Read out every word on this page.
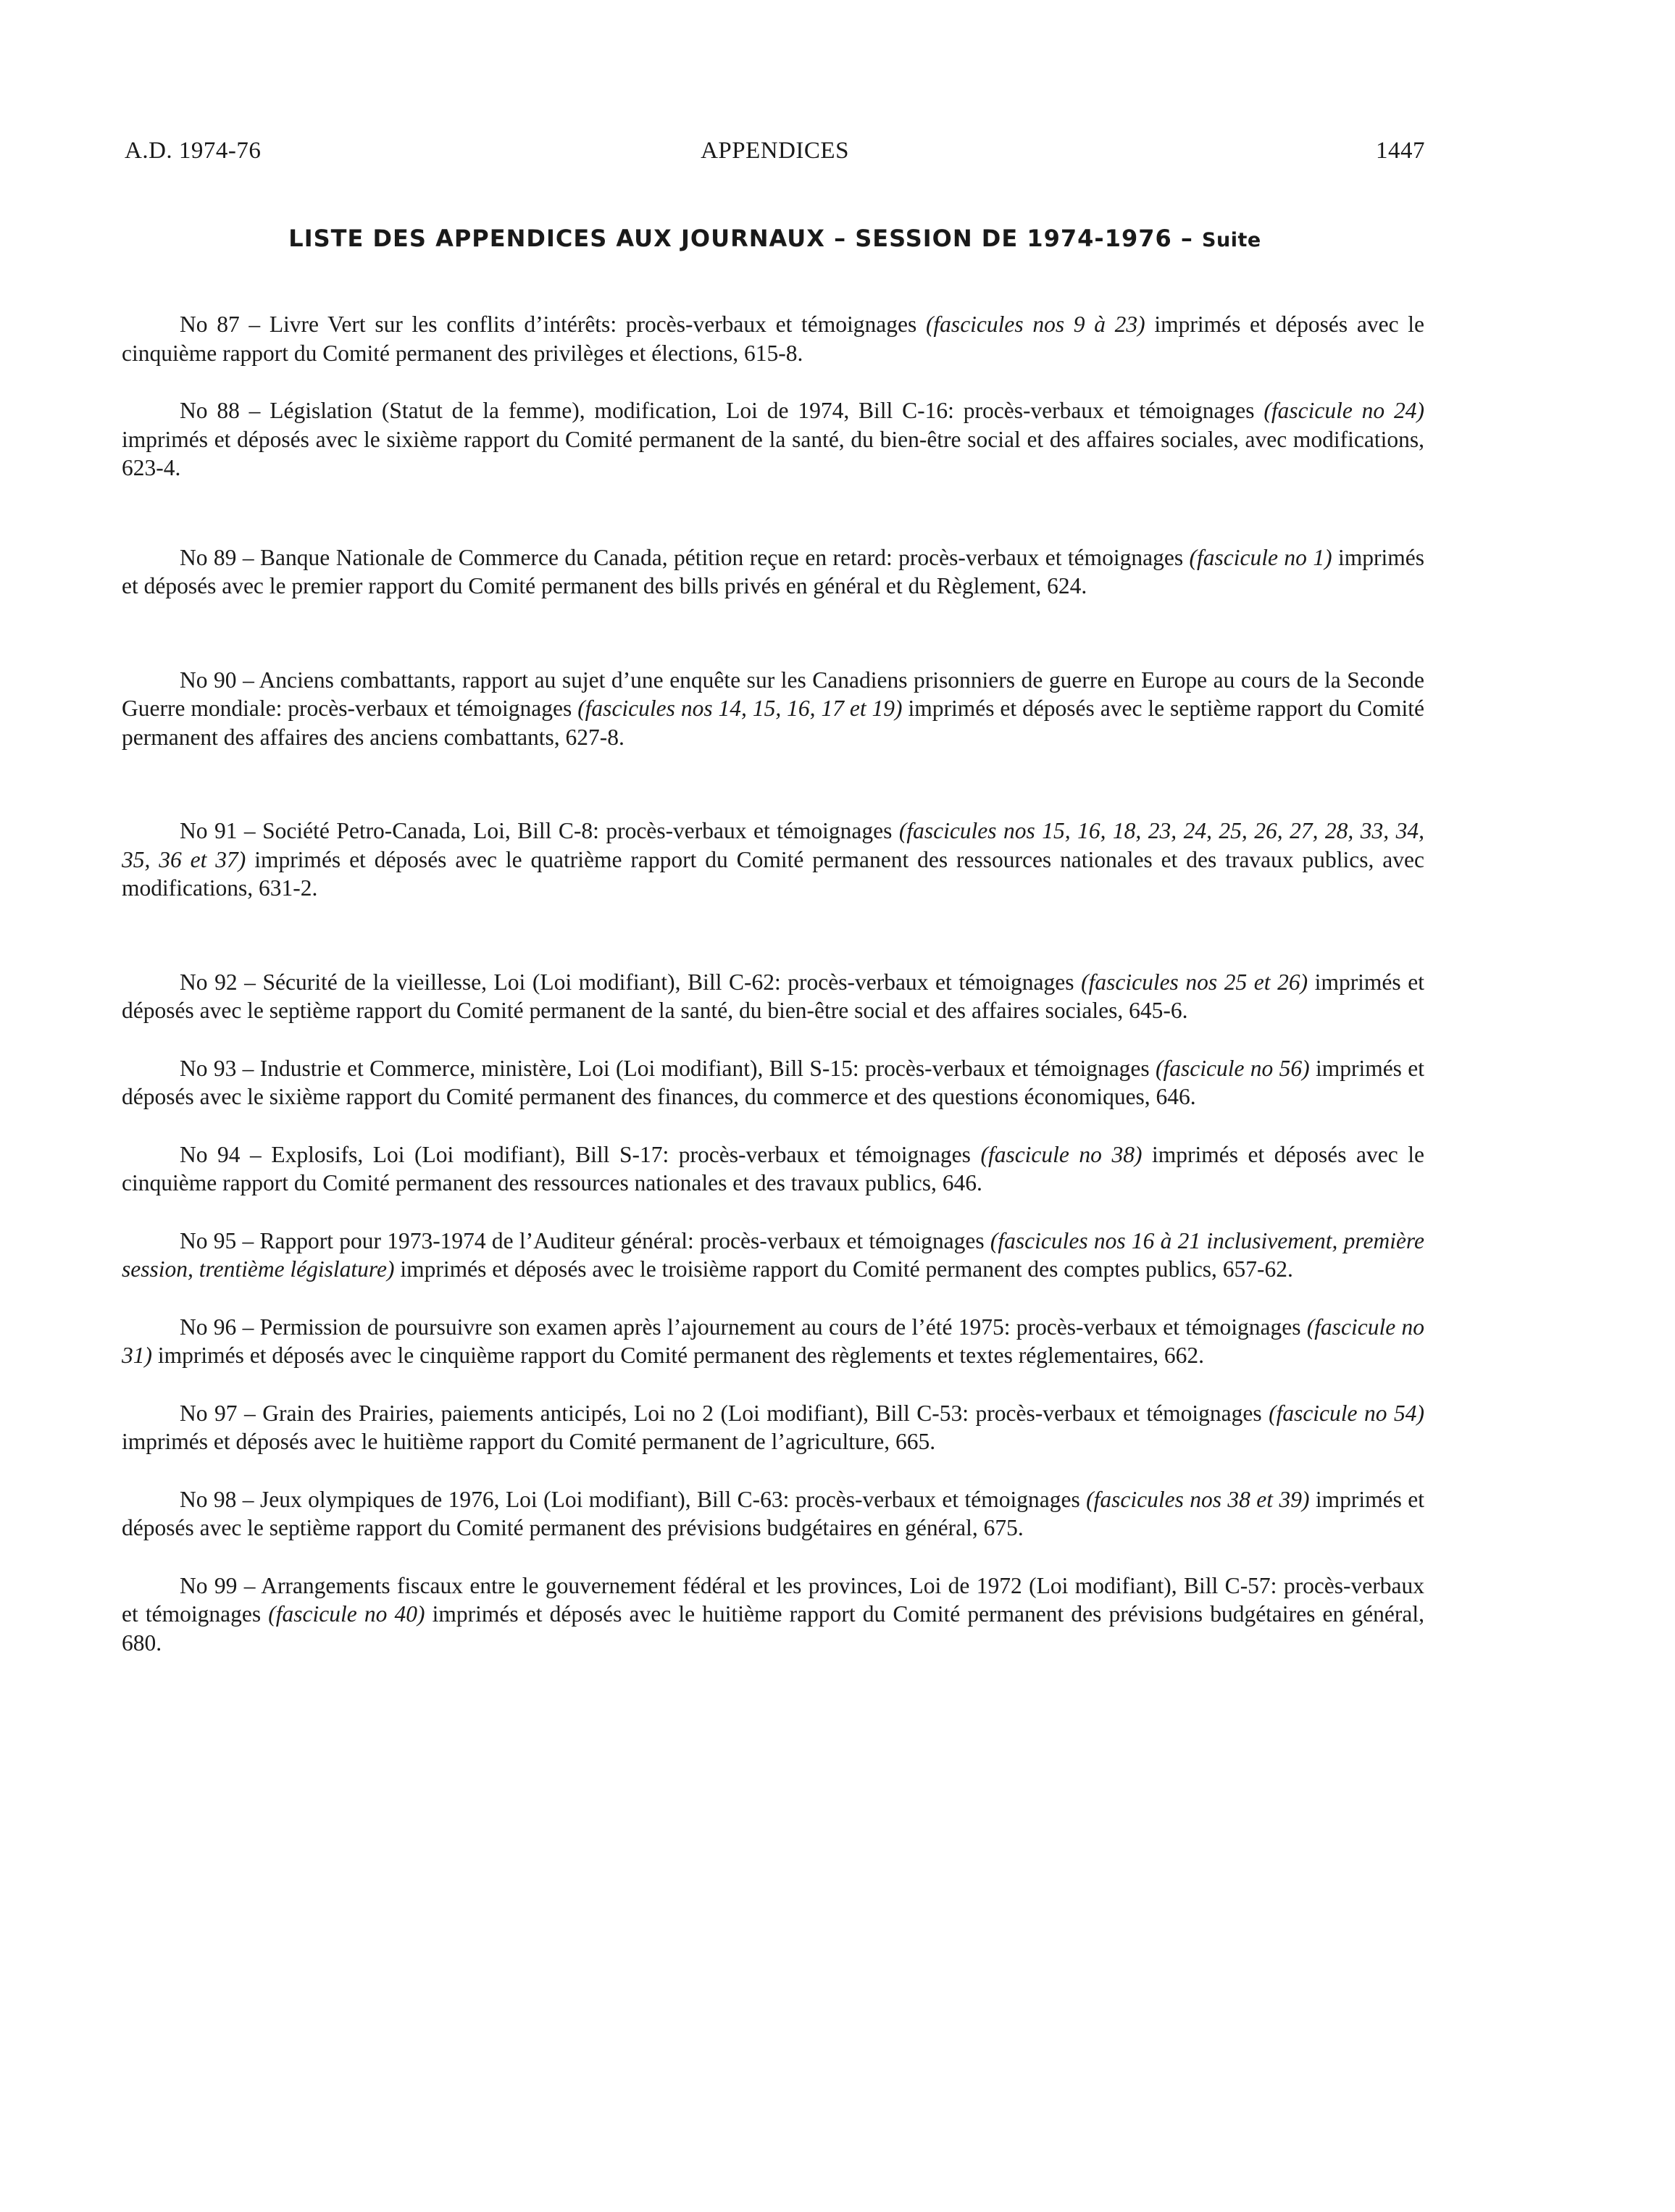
A.D. 1974-76	APPENDICES	1447
LISTE DES APPENDICES AUX JOURNAUX – SESSION DE 1974-1976 – Suite

No 87 – Livre Vert sur les conflits d’intérêts: procès-verbaux et témoignages (fascicules nos 9 à 23) imprimés et déposés avec le cinquième rapport du Comité permanent des privilèges et élections, 615-8.

No 88 – Législation (Statut de la femme), modification, Loi de 1974, Bill C-16: procès-verbaux et témoignages (fascicule no 24) imprimés et déposés avec le sixième rapport du Comité permanent de la santé, du bien-être social et des affaires sociales, avec modifications, 623-4.

No 89 – Banque Nationale de Commerce du Canada, pétition reçue en retard: procès-verbaux et témoignages (fascicule no 1) imprimés et déposés avec le premier rapport du Comité permanent des bills privés en général et du Règlement, 624.

No 90 – Anciens combattants, rapport au sujet d’une enquête sur les Canadiens prisonniers de guerre en Europe au cours de la Seconde Guerre mondiale: procès-verbaux et témoignages (fascicules nos 14, 15, 16, 17 et 19) imprimés et déposés avec le septième rapport du Comité permanent des affaires des anciens combattants, 627-8.

No 91 – Société Petro-Canada, Loi, Bill C-8: procès-verbaux et témoignages (fascicules nos 15, 16, 18, 23, 24, 25, 26, 27, 28, 33, 34, 35, 36 et 37) imprimés et déposés avec le quatrième rapport du Comité permanent des ressources nationales et des travaux publics, avec modifications, 631-2.

No 92 – Sécurité de la vieillesse, Loi (Loi modifiant), Bill C-62: procès-verbaux et témoignages (fascicules nos 25 et 26) imprimés et déposés avec le septième rapport du Comité permanent de la santé, du bien-être social et des affaires sociales, 645-6.

No 93 – Industrie et Commerce, ministère, Loi (Loi modifiant), Bill S-15: procès-verbaux et témoignages (fascicule no 56) imprimés et déposés avec le sixième rapport du Comité permanent des finances, du commerce et des questions économiques, 646.

No 94 – Explosifs, Loi (Loi modifiant), Bill S-17: procès-verbaux et témoignages (fascicule no 38) imprimés et déposés avec le cinquième rapport du Comité permanent des ressources nationales et des travaux publics, 646.

No 95 – Rapport pour 1973-1974 de l’Auditeur général: procès-verbaux et témoignages (fascicules nos 16 à 21 inclusivement, première session, trentième législature) imprimés et déposés avec le troisième rapport du Comité permanent des comptes publics, 657-62.

No 96 – Permission de poursuivre son examen après l’ajournement au cours de l’été 1975: procès-verbaux et témoignages (fascicule no 31) imprimés et déposés avec le cinquième rapport du Comité permanent des règlements et textes réglementaires, 662.

No 97 – Grain des Prairies, paiements anticipés, Loi no 2 (Loi modifiant), Bill C-53: procès-verbaux et témoignages (fascicule no 54) imprimés et déposés avec le huitième rapport du Comité permanent de l’agriculture, 665.

No 98 – Jeux olympiques de 1976, Loi (Loi modifiant), Bill C-63: procès-verbaux et témoignages (fascicules nos 38 et 39) imprimés et déposés avec le septième rapport du Comité permanent des prévisions budgétaires en général, 675.

No 99 – Arrangements fiscaux entre le gouvernement fédéral et les provinces, Loi de 1972 (Loi modifiant), Bill C-57: procès-verbaux et témoignages (fascicule no 40) imprimés et déposés avec le huitième rapport du Comité permanent des prévisions budgétaires en général, 680.
